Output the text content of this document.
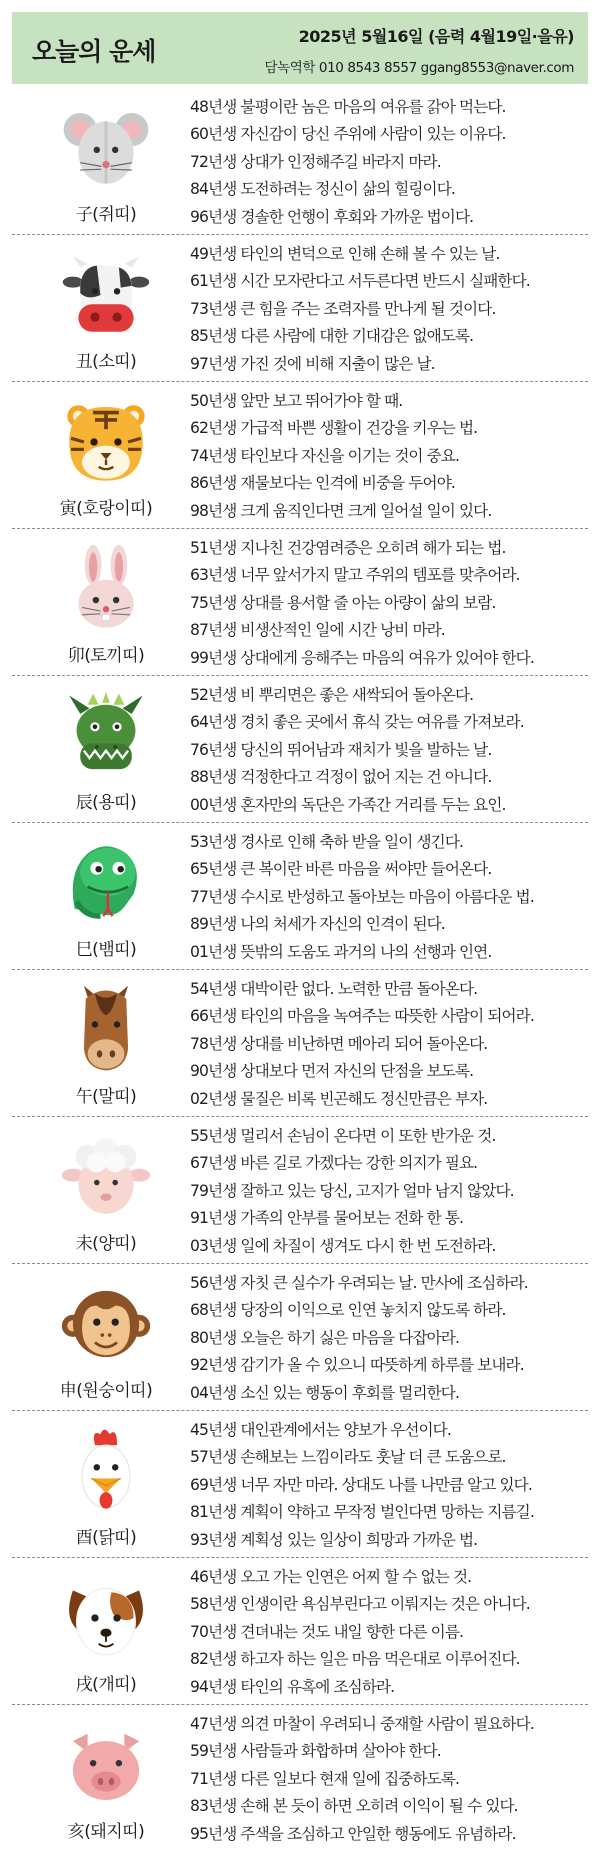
오늘의 운세
2025년 5월16일 (음력 4월19일·을유)
담녹역학 010 8543 8557 ggang8553@naver.com
子(쥐띠)
48년생 불평이란 놈은 마음의 여유를 갉아 먹는다.
60년생 자신감이 당신 주위에 사람이 있는 이유다.
72년생 상대가 인정해주길 바라지 마라.
84년생 도전하려는 정신이 삶의 힐링이다.
96년생 경솔한 언행이 후회와 가까운 법이다.
丑(소띠)
49년생 타인의 변덕으로 인해 손해 볼 수 있는 날.
61년생 시간 모자란다고 서두른다면 반드시 실패한다.
73년생 큰 힘을 주는 조력자를 만나게 될 것이다.
85년생 다른 사람에 대한 기대감은 없애도록.
97년생 가진 것에 비해 지출이 많은 날.
寅(호랑이띠)
50년생 앞만 보고 뛰어가야 할 때.
62년생 가급적 바쁜 생활이 건강을 키우는 법.
74년생 타인보다 자신을 이기는 것이 중요.
86년생 재물보다는 인격에 비중을 두어야.
98년생 크게 움직인다면 크게 일어설 일이 있다.
卯(토끼띠)
51년생 지나친 건강염려증은 오히려 해가 되는 법.
63년생 너무 앞서가지 말고 주위의 템포를 맞추어라.
75년생 상대를 용서할 줄 아는 아량이 삶의 보람.
87년생 비생산적인 일에 시간 낭비 마라.
99년생 상대에게 응해주는 마음의 여유가 있어야 한다.
辰(용띠)
52년생 비 뿌리면은 좋은 새싹되어 돌아온다.
64년생 경치 좋은 곳에서 휴식 갖는 여유를 가져보라.
76년생 당신의 뛰어남과 재치가 빛을 발하는 날.
88년생 걱정한다고 걱정이 없어 지는 건 아니다.
00년생 혼자만의 독단은 가족간 거리를 두는 요인.
巳(뱀띠)
53년생 경사로 인해 축하 받을 일이 생긴다.
65년생 큰 복이란 바른 마음을 써야만 들어온다.
77년생 수시로 반성하고 돌아보는 마음이 아름다운 법.
89년생 나의 처세가 자신의 인격이 된다.
01년생 뜻밖의 도움도 과거의 나의 선행과 인연.
午(말띠)
54년생 대박이란 없다. 노력한 만큼 돌아온다.
66년생 타인의 마음을 녹여주는 따뜻한 사람이 되어라.
78년생 상대를 비난하면 메아리 되어 돌아온다.
90년생 상대보다 먼저 자신의 단점을 보도록.
02년생 물질은 비록 빈곤해도 정신만큼은 부자.
未(양띠)
55년생 멀리서 손님이 온다면 이 또한 반가운 것.
67년생 바른 길로 가겠다는 강한 의지가 필요.
79년생 잘하고 있는 당신, 고지가 얼마 남지 않았다.
91년생 가족의 안부를 물어보는 전화 한 통.
03년생 일에 차질이 생겨도 다시 한 번 도전하라.
申(원숭이띠)
56년생 자칫 큰 실수가 우려되는 날. 만사에 조심하라.
68년생 당장의 이익으로 인연 놓치지 않도록 하라.
80년생 오늘은 하기 싫은 마음을 다잡아라.
92년생 감기가 올 수 있으니 따뜻하게 하루를 보내라.
04년생 소신 있는 행동이 후회를 멀리한다.
酉(닭띠)
45년생 대인관계에서는 양보가 우선이다.
57년생 손해보는 느낌이라도 훗날 더 큰 도움으로.
69년생 너무 자만 마라. 상대도 나를 나만큼 알고 있다.
81년생 계획이 약하고 무작정 벌인다면 망하는 지름길.
93년생 계획성 있는 일상이 희망과 가까운 법.
戌(개띠)
46년생 오고 가는 인연은 어찌 할 수 없는 것.
58년생 인생이란 욕심부린다고 이뤄지는 것은 아니다.
70년생 견뎌내는 것도 내일 향한 다른 이름.
82년생 하고자 하는 일은 마음 먹은대로 이루어진다.
94년생 타인의 유혹에 조심하라.
亥(돼지띠)
47년생 의견 마찰이 우려되니 중재할 사람이 필요하다.
59년생 사람들과 화합하며 살아야 한다.
71년생 다른 일보다 현재 일에 집중하도록.
83년생 손해 본 듯이 하면 오히려 이익이 될 수 있다.
95년생 주색을 조심하고 안일한 행동에도 유념하라.
